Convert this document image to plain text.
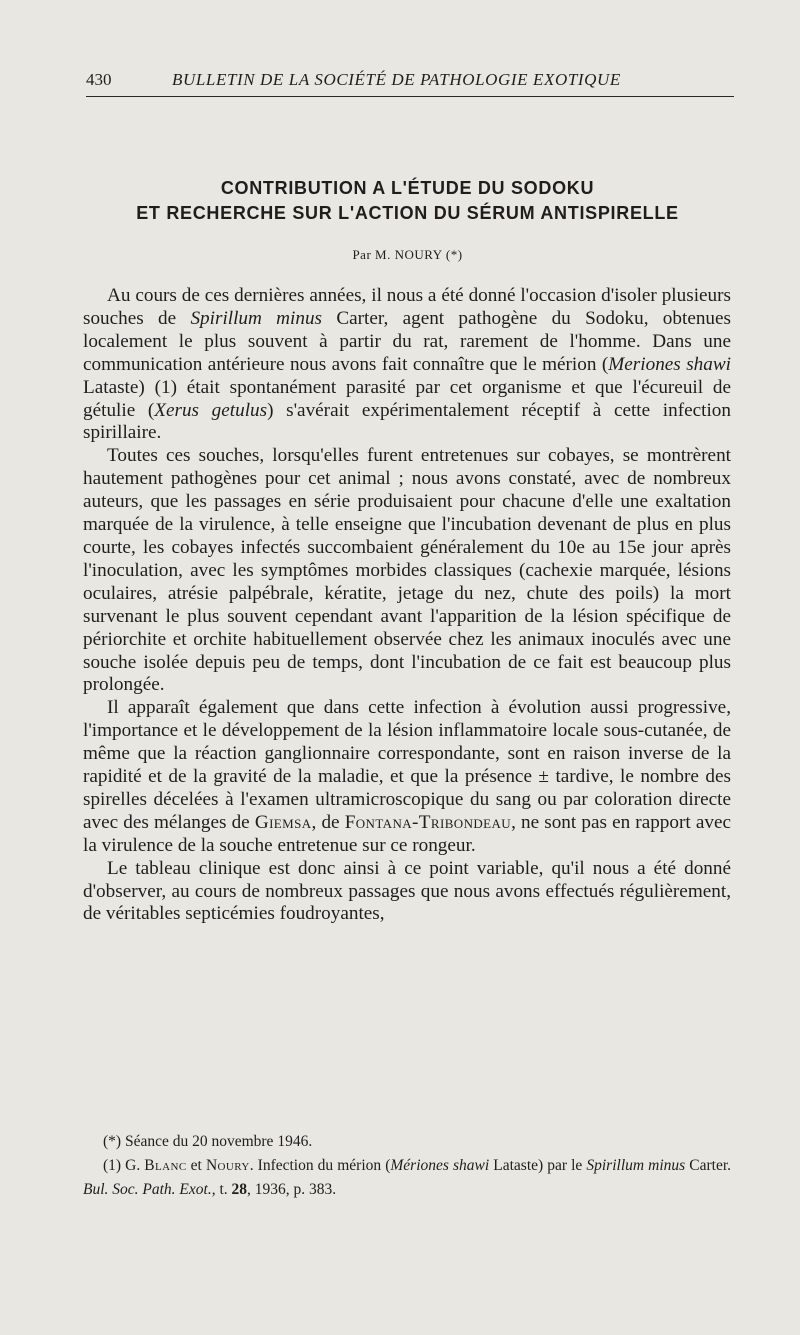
430	BULLETIN DE LA SOCIÉTÉ DE PATHOLOGIE EXOTIQUE
CONTRIBUTION A L'ÉTUDE DU SODOKU
ET RECHERCHE SUR L'ACTION DU SÉRUM ANTISPIRELLE
Par M. NOURY (*)

Au cours de ces dernières années, il nous a été donné l'occasion d'isoler plusieurs souches de Spirillum minus Carter, agent pathogène du Sodoku, obtenues localement le plus souvent à partir du rat, rarement de l'homme. Dans une communication antérieure nous avons fait connaître que le mérion (Meriones shawi Lataste) (1) était spontanément parasité par cet organisme et que l'écureuil de gétulie (Xerus getulus) s'avérait expérimentalement réceptif à cette infection spirillaire.

Toutes ces souches, lorsqu'elles furent entretenues sur cobayes, se montrèrent hautement pathogènes pour cet animal ; nous avons constaté, avec de nombreux auteurs, que les passages en série produisaient pour chacune d'elle une exaltation marquée de la virulence, à telle enseigne que l'incubation devenant de plus en plus courte, les cobayes infectés succombaient généralement du 10e au 15e jour après l'inoculation, avec les symptômes morbides classiques (cachexie marquée, lésions oculaires, atrésie palpébrale, kératite, jetage du nez, chute des poils) la mort survenant le plus souvent cependant avant l'apparition de la lésion spécifique de périorchite et orchite habituellement observée chez les animaux inoculés avec une souche isolée depuis peu de temps, dont l'incubation de ce fait est beaucoup plus prolongée.

Il apparaît également que dans cette infection à évolution aussi progressive, l'importance et le développement de la lésion inflammatoire locale sous-cutanée, de même que la réaction ganglionnaire correspondante, sont en raison inverse de la rapidité et de la gravité de la maladie, et que la présence ± tardive, le nombre des spirelles décelées à l'examen ultramicroscopique du sang ou par coloration directe avec des mélanges de Giemsa, de Fontana-Tribondeau, ne sont pas en rapport avec la virulence de la souche entretenue sur ce rongeur.

Le tableau clinique est donc ainsi à ce point variable, qu'il nous a été donné d'observer, au cours de nombreux passages que nous avons effectués régulièrement, de véritables septicémies foudroyantes,

(*) Séance du 20 novembre 1946.

(1) G. Blanc et Noury. Infection du mérion (Mériones shawi Lataste) par le Spirillum minus Carter. Bul. Soc. Path. Exot., t. 28, 1936, p. 383.
